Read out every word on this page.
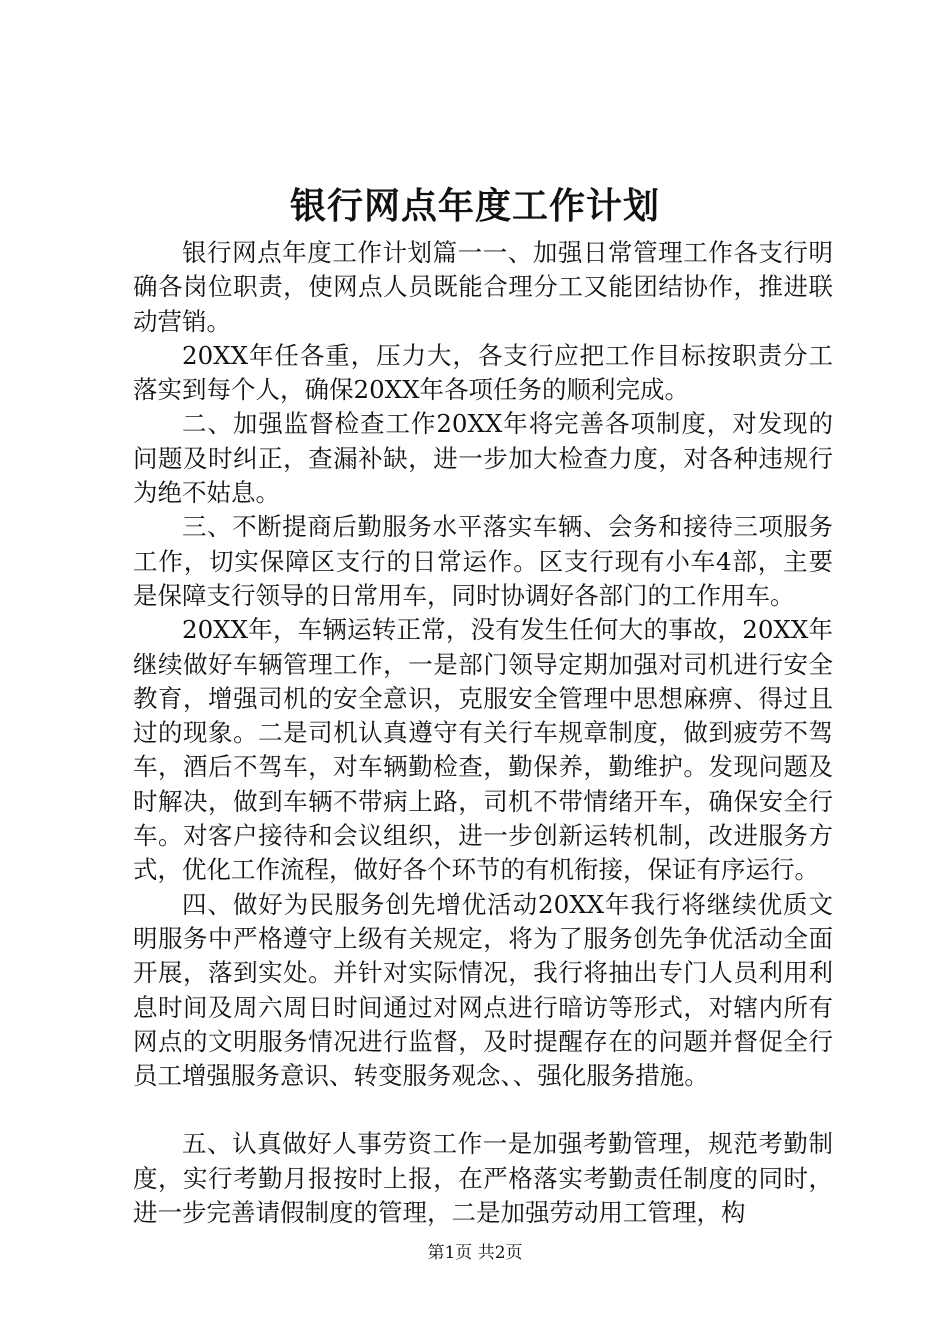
银行网点年度工作计划

银行网点年度工作计划篇一一、加强日常管理工作各支行明确各岗位职责，使网点人员既能合理分工又能团结协作，推进联动营销。

20XX年任各重，压力大，各支行应把工作目标按职责分工落实到每个人，确保20XX年各项任务的顺利完成。

二、加强监督检查工作20XX年将完善各项制度，对发现的问题及时纠正，查漏补缺，进一步加大检查力度，对各种违规行为绝不姑息。

三、不断提商后勤服务水平落实车辆、会务和接待三项服务工作，切实保障区支行的日常运作。区支行现有小车4部，主要是保障支行领导的日常用车，同时协调好各部门的工作用车。

20XX年，车辆运转正常，没有发生任何大的事故，20XX年继续做好车辆管理工作，一是部门领导定期加强对司机进行安全教育，增强司机的安全意识，克服安全管理中思想麻痹、得过且过的现象。二是司机认真遵守有关行车规章制度，做到疲劳不驾车，酒后不驾车，对车辆勤检查，勤保养，勤维护。发现问题及时解决，做到车辆不带病上路，司机不带情绪开车，确保安全行车。对客户接待和会议组织，进一步创新运转机制，改进服务方式，优化工作流程，做好各个环节的有机衔接，保证有序运行。

四、做好为民服务创先增优活动20XX年我行将继续优质文明服务中严格遵守上级有关规定，将为了服务创先争优活动全面开展，落到实处。并针对实际情况，我行将抽出专门人员利用利息时间及周六周日时间通过对网点进行暗访等形式，对辖内所有网点的文明服务情况进行监督，及时提醒存在的问题并督促全行员工增强服务意识、转变服务观念、、强化服务措施。

五、认真做好人事劳资工作一是加强考勤管理，规范考勤制度，实行考勤月报按时上报，在严格落实考勤责任制度的同时，进一步完善请假制度的管理，二是加强劳动用工管理，构

第1页 共2页
